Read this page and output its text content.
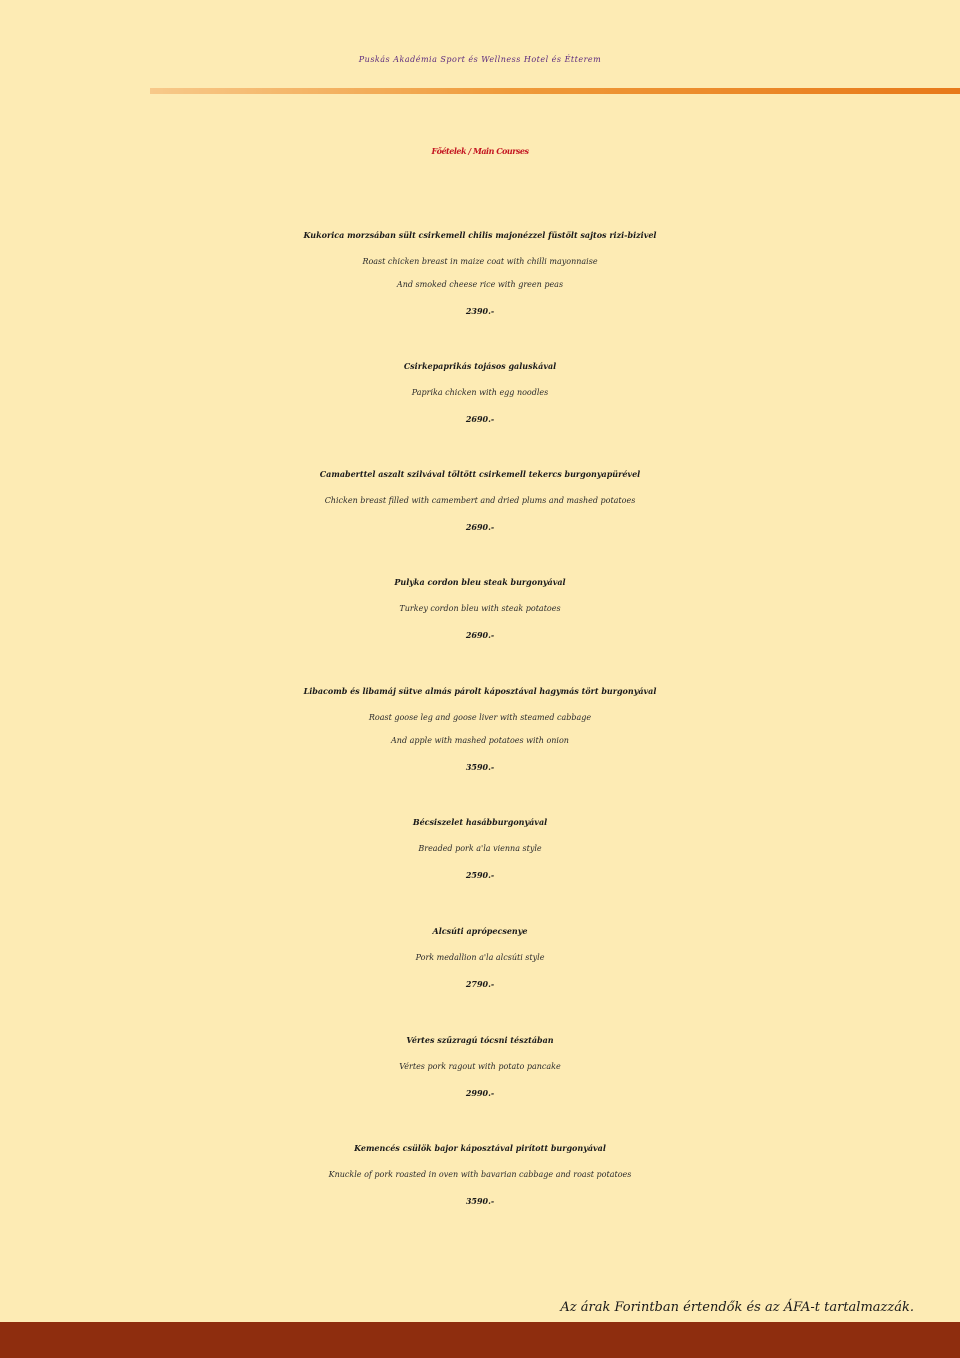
Puskás Akadémia Sport és Wellness Hotel és Étterem
Főételek / Main Courses
Kukorica morzsában sült csirkemell chilis majonézzel füstölt sajtos rizi-bizivel
Roast chicken breast in maize coat with chilli mayonnaise
And smoked cheese rice with green peas
2390.-
Csirkepaprikás tojásos galuskával
Paprika chicken with egg noodles
2690.-
Camaberttel aszalt szilvával töltött csirkemell tekercs burgonyapürével
Chicken breast filled with camembert and dried plums and mashed potatoes
2690.-
Pulyka cordon bleu steak burgonyával
Turkey cordon bleu with steak potatoes
2690.-
Libacomb és libamáj sütve almás párolt káposztával hagymás tört burgonyával
Roast goose leg and goose liver with steamed cabbage
And apple with mashed potatoes with onion
3590.-
Bécsiszelet hasábburgonyával
Breaded pork a'la vienna style
2590.-
Alcsúti aprópecsenye
Pork medallion a'la alcsúti style
2790.-
Vértes szűzragú tócsni tésztában
Vértes pork ragout with potato pancake
2990.-
Kemencés csülök bajor káposztával pirított burgonyával
Knuckle of pork roasted in oven with bavarian cabbage and roast potatoes
3590.-
Az árak Forintban értendők és az ÁFA-t tartalmazzák.
